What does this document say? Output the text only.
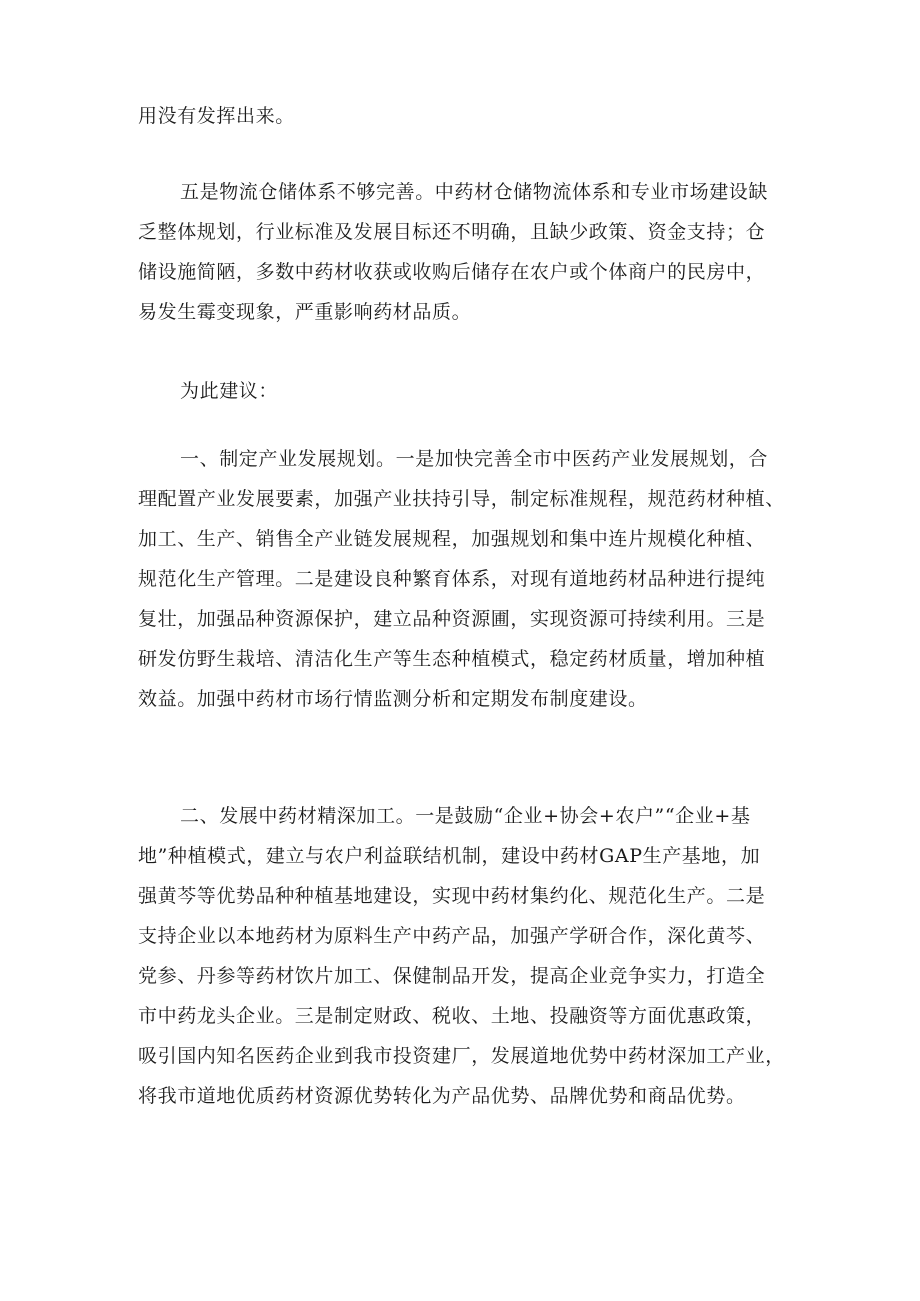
用没有发挥出来。

五是物流仓储体系不够完善。中药材仓储物流体系和专业市场建设缺
乏整体规划，行业标准及发展目标还不明确，且缺少政策、资金支持；仓
储设施简陋，多数中药材收获或收购后储存在农户或个体商户的民房中，
易发生霉变现象，严重影响药材品质。

为此建议：

一、制定产业发展规划。一是加快完善全市中医药产业发展规划，合
理配置产业发展要素，加强产业扶持引导，制定标准规程，规范药材种植、
加工、生产、销售全产业链发展规程，加强规划和集中连片规模化种植、
规范化生产管理。二是建设良种繁育体系，对现有道地药材品种进行提纯
复壮，加强品种资源保护，建立品种资源圃，实现资源可持续利用。三是
研发仿野生栽培、清洁化生产等生态种植模式，稳定药材质量，增加种植
效益。加强中药材市场行情监测分析和定期发布制度建设。

二、发展中药材精深加工。一是鼓励“企业+协会+农户”“企业+基
地”种植模式，建立与农户利益联结机制，建设中药材GAP生产基地，加
强黄芩等优势品种种植基地建设，实现中药材集约化、规范化生产。二是
支持企业以本地药材为原料生产中药产品，加强产学研合作，深化黄芩、
党参、丹参等药材饮片加工、保健制品开发，提高企业竞争实力，打造全
市中药龙头企业。三是制定财政、税收、土地、投融资等方面优惠政策，
吸引国内知名医药企业到我市投资建厂，发展道地优势中药材深加工产业，
将我市道地优质药材资源优势转化为产品优势、品牌优势和商品优势。
